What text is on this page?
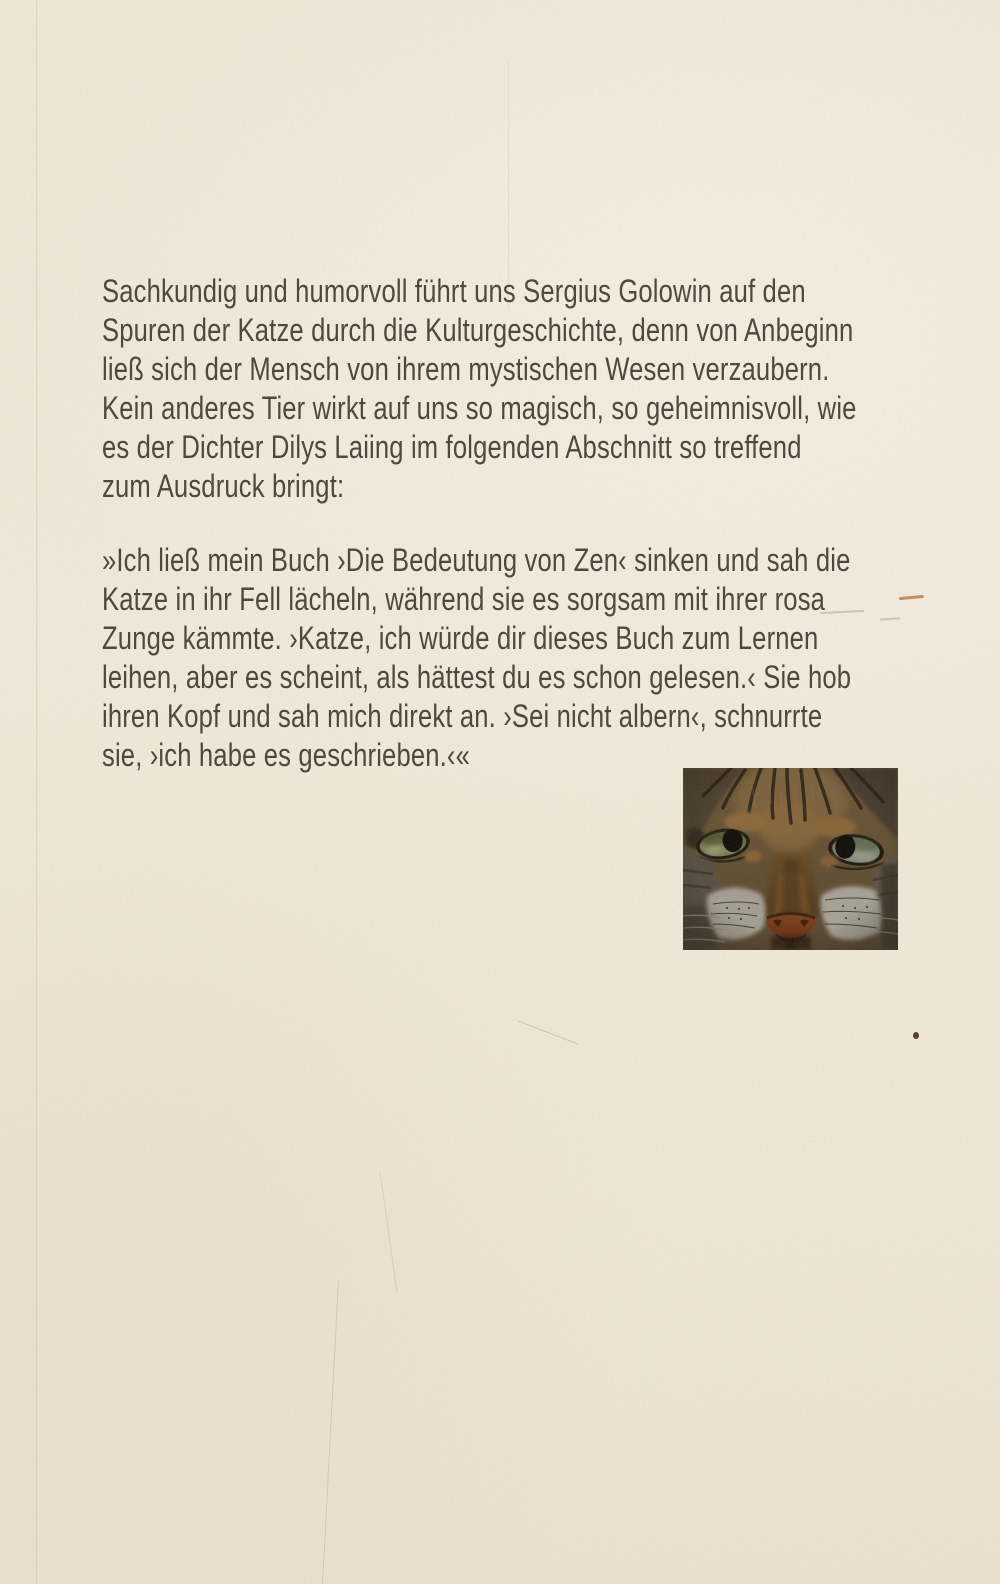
Sachkundig und humorvoll führt uns Sergius Golowin auf den
Spuren der Katze durch die Kulturgeschichte, denn von Anbeginn
ließ sich der Mensch von ihrem mystischen Wesen verzaubern.
Kein anderes Tier wirkt auf uns so magisch, so geheimnisvoll, wie
es der Dichter Dilys Laiing im folgenden Abschnitt so treffend
zum Ausdruck bringt:
»Ich ließ mein Buch ›Die Bedeutung von Zen‹ sinken und sah die
Katze in ihr Fell lächeln, während sie es sorgsam mit ihrer rosa
Zunge kämmte. ›Katze, ich würde dir dieses Buch zum Lernen
leihen, aber es scheint, als hättest du es schon gelesen.‹ Sie hob
ihren Kopf und sah mich direkt an. ›Sei nicht albern‹, schnurrte
sie, ›ich habe es geschrieben.‹«
